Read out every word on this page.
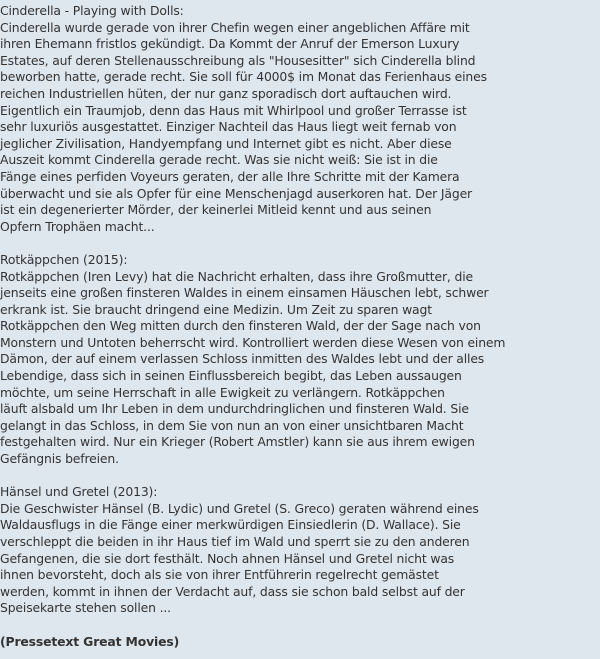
Cinderella - Playing with Dolls:
Cinderella wurde gerade von ihrer Chefin wegen einer angeblichen Affäre mit
ihren Ehemann fristlos gekündigt. Da Kommt der Anruf der Emerson Luxury
Estates, auf deren Stellenausschreibung als "Housesitter" sich Cinderella blind
beworben hatte, gerade recht. Sie soll für 4000$ im Monat das Ferienhaus eines
reichen Industriellen hüten, der nur ganz sporadisch dort auftauchen wird.
Eigentlich ein Traumjob, denn das Haus mit Whirlpool und großer Terrasse ist
sehr luxuriös ausgestattet. Einziger Nachteil das Haus liegt weit fernab von
jeglicher Zivilisation, Handyempfang und Internet gibt es nicht. Aber diese
Auszeit kommt Cinderella gerade recht. Was sie nicht weiß: Sie ist in die
Fänge eines perfiden Voyeurs geraten, der alle Ihre Schritte mit der Kamera
überwacht und sie als Opfer für eine Menschenjagd auserkoren hat. Der Jäger
ist ein degenerierter Mörder, der keinerlei Mitleid kennt und aus seinen
Opfern Trophäen macht...
Rotkäppchen (2015):
Rotkäppchen (Iren Levy) hat die Nachricht erhalten, dass ihre Großmutter, die
jenseits eine großen finsteren Waldes in einem einsamen Häuschen lebt, schwer
erkrank ist. Sie braucht dringend eine Medizin. Um Zeit zu sparen wagt
Rotkäppchen den Weg mitten durch den finsteren Wald, der der Sage nach von
Monstern und Untoten beherrscht wird. Kontrolliert werden diese Wesen von einem
Dämon, der auf einem verlassen Schloss inmitten des Waldes lebt und der alles
Lebendige, dass sich in seinen Einflussbereich begibt, das Leben aussaugen
möchte, um seine Herrschaft in alle Ewigkeit zu verlängern. Rotkäppchen
läuft alsbald um Ihr Leben in dem undurchdringlichen und finsteren Wald. Sie
gelangt in das Schloss, in dem Sie von nun an von einer unsichtbaren Macht
festgehalten wird. Nur ein Krieger (Robert Amstler) kann sie aus ihrem ewigen
Gefängnis befreien.
Hänsel und Gretel (2013):
Die Geschwister Hänsel (B. Lydic) und Gretel (S. Greco) geraten während eines
Waldausflugs in die Fänge einer merkwürdigen Einsiedlerin (D. Wallace). Sie
verschleppt die beiden in ihr Haus tief im Wald und sperrt sie zu den anderen
Gefangenen, die sie dort festhält. Noch ahnen Hänsel und Gretel nicht was
ihnen bevorsteht, doch als sie von ihrer Entführerin regelrecht gemästet
werden, kommt in ihnen der Verdacht auf, dass sie schon bald selbst auf der
Speisekarte stehen sollen ...
(Pressetext Great Movies)
